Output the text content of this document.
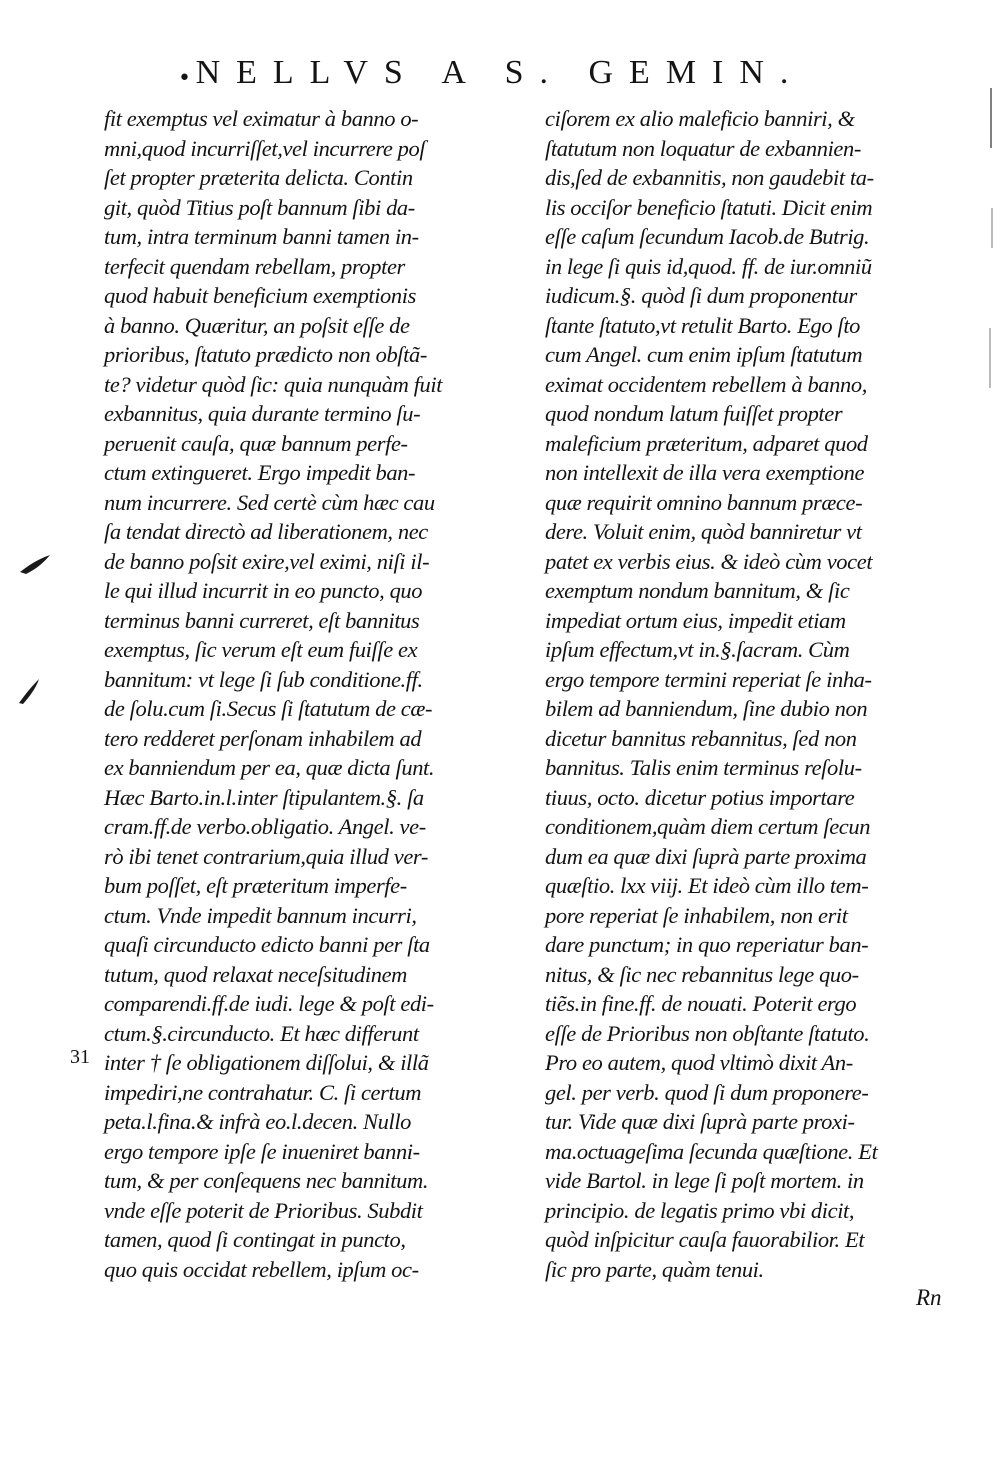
• NELLVS A S. GEMIN.
fit exemptus vel eximatur à banno o-
mni,quod incurriſſet,vel incurrere poſ
ſet propter præterita delicta. Contin
git, quòd Titius poſt bannum ſibi da-
tum, intra terminum banni tamen in-
terfecit quendam rebellam, propter
quod habuit beneficium exemptionis
à banno. Quæritur, an poſsit eſſe de
prioribus, ſtatuto prædicto non obſtã-
te? videtur quòd ſic: quia nunquàm fuit
exbannitus, quia durante termino ſu-
peruenit cauſa, quæ bannum perfe-
ctum extingueret. Ergo impedit ban-
num incurrere. Sed certè cùm hæc cau
ſa tendat directò ad liberationem, nec
de banno poſsit exire,vel eximi, niſi il-
le qui illud incurrit in eo puncto, quo
terminus banni curreret, eſt bannitus
exemptus, ſic verum eſt eum fuiſſe ex
bannitum: vt lege ſi ſub conditione.ff.
de ſolu.cum ſi.Secus ſi ſtatutum de cæ-
tero redderet perſonam inhabilem ad
ex banniendum per ea, quæ dicta ſunt.
Hæc Barto.in.l.inter ſtipulantem.§. ſa
cram.ff.de verbo.obligatio. Angel. ve-
rò ibi tenet contrarium,quia illud ver-
bum poſſet, eſt præteritum imperfe-
ctum. Vnde impedit bannum incurri,
quaſi circunducto edicto banni per ſta
tutum, quod relaxat neceſsitudinem
comparendi.ff.de iudi. lege & poſt edi-
ctum.§.circunducto. Et hæc differunt
inter † ſe obligationem diſſolui, & illã
impediri,ne contrahatur. C. ſi certum
peta.l.fina.& infrà eo.l.decen. Nullo
ergo tempore ipſe ſe inueniret banni-
tum, & per conſequens nec bannitum.
vnde eſſe poterit de Prioribus. Subdit
tamen, quod ſi contingat in puncto,
quo quis occidat rebellem, ipſum oc-
ciſorem ex alio maleficio banniri, &
ſtatutum non loquatur de exbannien-
dis,ſed de exbannitis, non gaudebit ta-
lis occiſor beneficio ſtatuti. Dicit enim
eſſe caſum ſecundum Iacob.de Butrig.
in lege ſi quis id,quod. ff. de iur.omniũ
iudicum.§. quòd ſi dum proponentur
ſtante ſtatuto,vt retulit Barto. Ego ſto
cum Angel. cum enim ipſum ſtatutum
eximat occidentem rebellem à banno,
quod nondum latum fuiſſet propter
maleficium præteritum, adparet quod
non intellexit de illa vera exemptione
quæ requirit omnino bannum præce-
dere. Voluit enim, quòd banniretur vt
patet ex verbis eius. & ideò cùm vocet
exemptum nondum bannitum, & ſic
impediat ortum eius, impedit etiam
ipſum effectum,vt in.§.ſacram. Cùm
ergo tempore termini reperiat ſe inha-
bilem ad banniendum, ſine dubio non
dicetur bannitus rebannitus, ſed non
bannitus. Talis enim terminus reſolu-
tiuus, octo. dicetur potius importare
conditionem,quàm diem certum ſecun
dum ea quæ dixi ſuprà parte proxima
quæſtio. lxx viij. Et ideò cùm illo tem-
pore reperiat ſe inhabilem, non erit
dare punctum; in quo reperiatur ban-
nitus, & ſic nec rebannitus lege quo-
tiẽs.in fine.ff. de nouati. Poterit ergo
eſſe de Prioribus non obſtante ſtatuto.
Pro eo autem, quod vltimò dixit An-
gel. per verb. quod ſi dum proponere-
tur. Vide quæ dixi ſuprà parte proxi-
ma.octuageſima ſecunda quæſtione. Et
vide Bartol. in lege ſi poſt mortem. in
principio. de legatis primo vbi dicit,
quòd inſpicitur cauſa fauorabilior. Et
ſic pro parte, quàm tenui.
31
Rn
